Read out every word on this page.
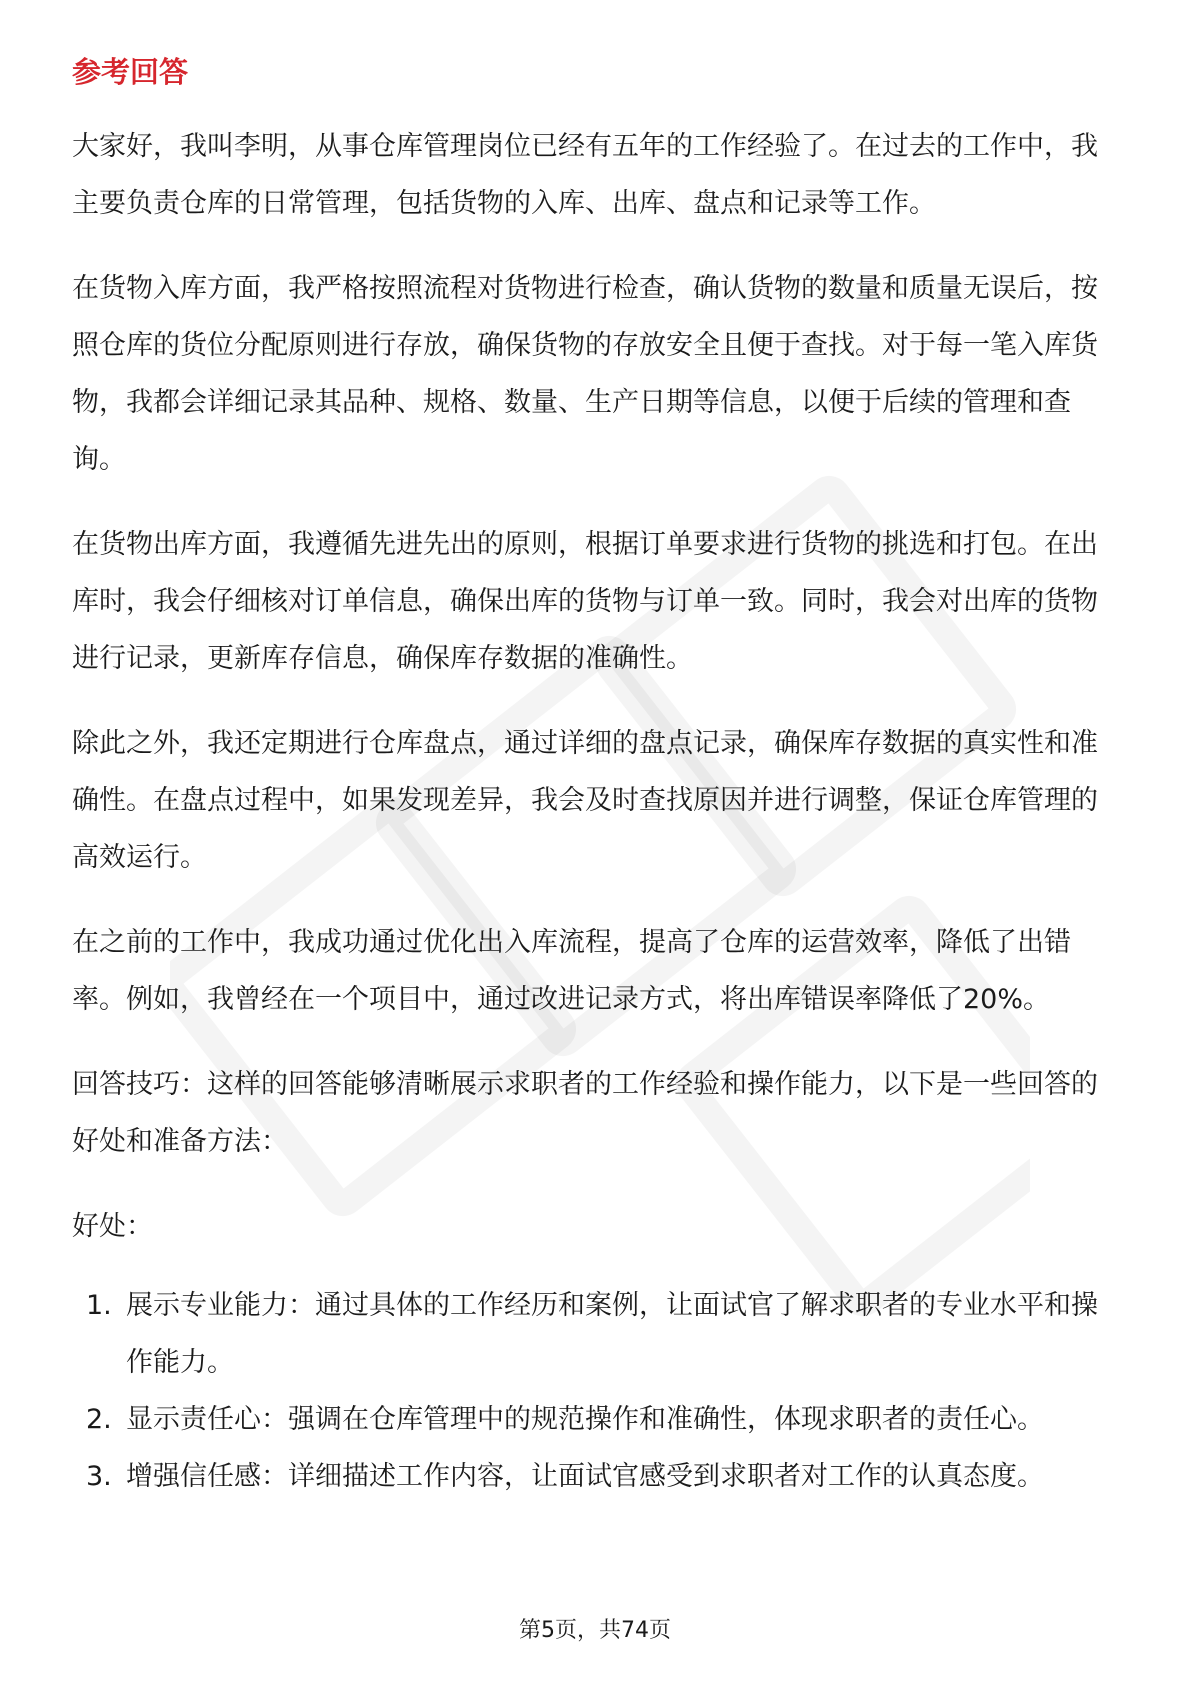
参考回答

大家好，我叫李明，从事仓库管理岗位已经有五年的工作经验了。在过去的工作中，我主要负责仓库的日常管理，包括货物的入库、出库、盘点和记录等工作。

在货物入库方面，我严格按照流程对货物进行检查，确认货物的数量和质量无误后，按照仓库的货位分配原则进行存放，确保货物的存放安全且便于查找。对于每一笔入库货物，我都会详细记录其品种、规格、数量、生产日期等信息，以便于后续的管理和查询。

在货物出库方面，我遵循先进先出的原则，根据订单要求进行货物的挑选和打包。在出库时，我会仔细核对订单信息，确保出库的货物与订单一致。同时，我会对出库的货物进行记录，更新库存信息，确保库存数据的准确性。

除此之外，我还定期进行仓库盘点，通过详细的盘点记录，确保库存数据的真实性和准确性。在盘点过程中，如果发现差异，我会及时查找原因并进行调整，保证仓库管理的高效运行。

在之前的工作中，我成功通过优化出入库流程，提高了仓库的运营效率，降低了出错率。例如，我曾经在一个项目中，通过改进记录方式，将出库错误率降低了20%。

回答技巧：这样的回答能够清晰展示求职者的工作经验和操作能力，以下是一些回答的好处和准备方法：

好处：

1. 展示专业能力：通过具体的工作经历和案例，让面试官了解求职者的专业水平和操作能力。
2. 显示责任心：强调在仓库管理中的规范操作和准确性，体现求职者的责任心。
3. 增强信任感：详细描述工作内容，让面试官感受到求职者对工作的认真态度。
第5页，共74页
